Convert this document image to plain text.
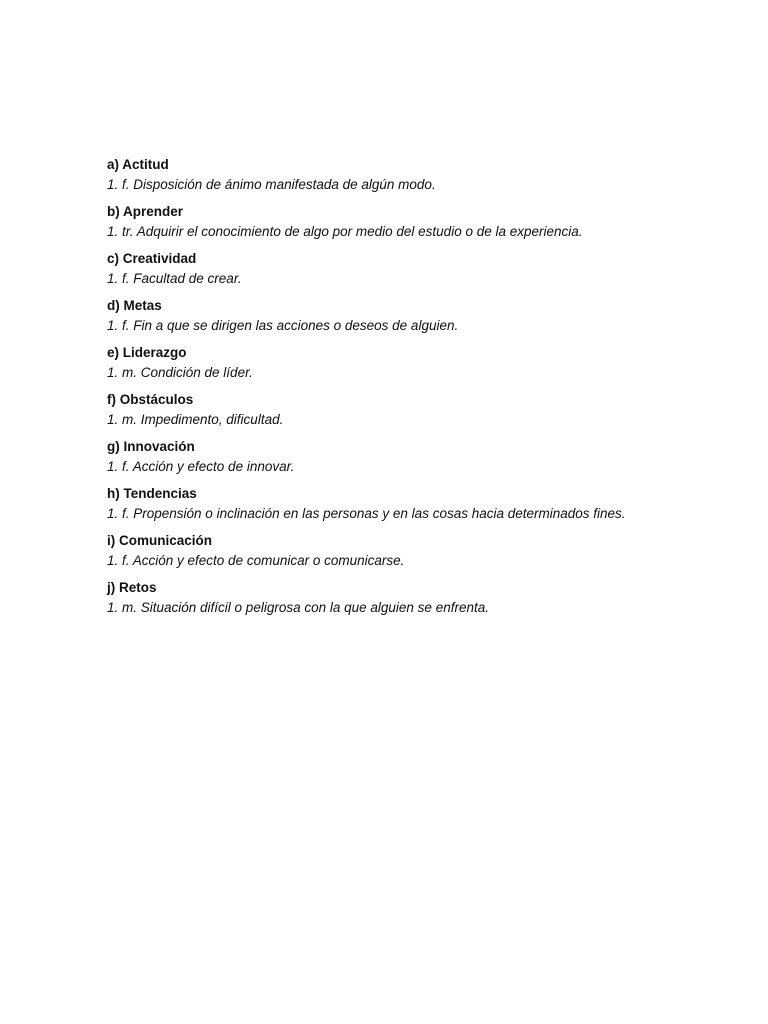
a) Actitud
1. f. Disposición de ánimo manifestada de algún modo.
b) Aprender
1. tr. Adquirir el conocimiento de algo por medio del estudio o de la experiencia.
c) Creatividad
1. f. Facultad de crear.
d) Metas
1. f. Fin a que se dirigen las acciones o deseos de alguien.
e) Liderazgo
1. m. Condición de líder.
f) Obstáculos
1. m. Impedimento, dificultad.
g) Innovación
1. f. Acción y efecto de innovar.
h) Tendencias
1. f. Propensión o inclinación en las personas y en las cosas hacia determinados fines.
i) Comunicación
1. f. Acción y efecto de comunicar o comunicarse.
j) Retos
1. m. Situación difícil o peligrosa con la que alguien se enfrenta.
